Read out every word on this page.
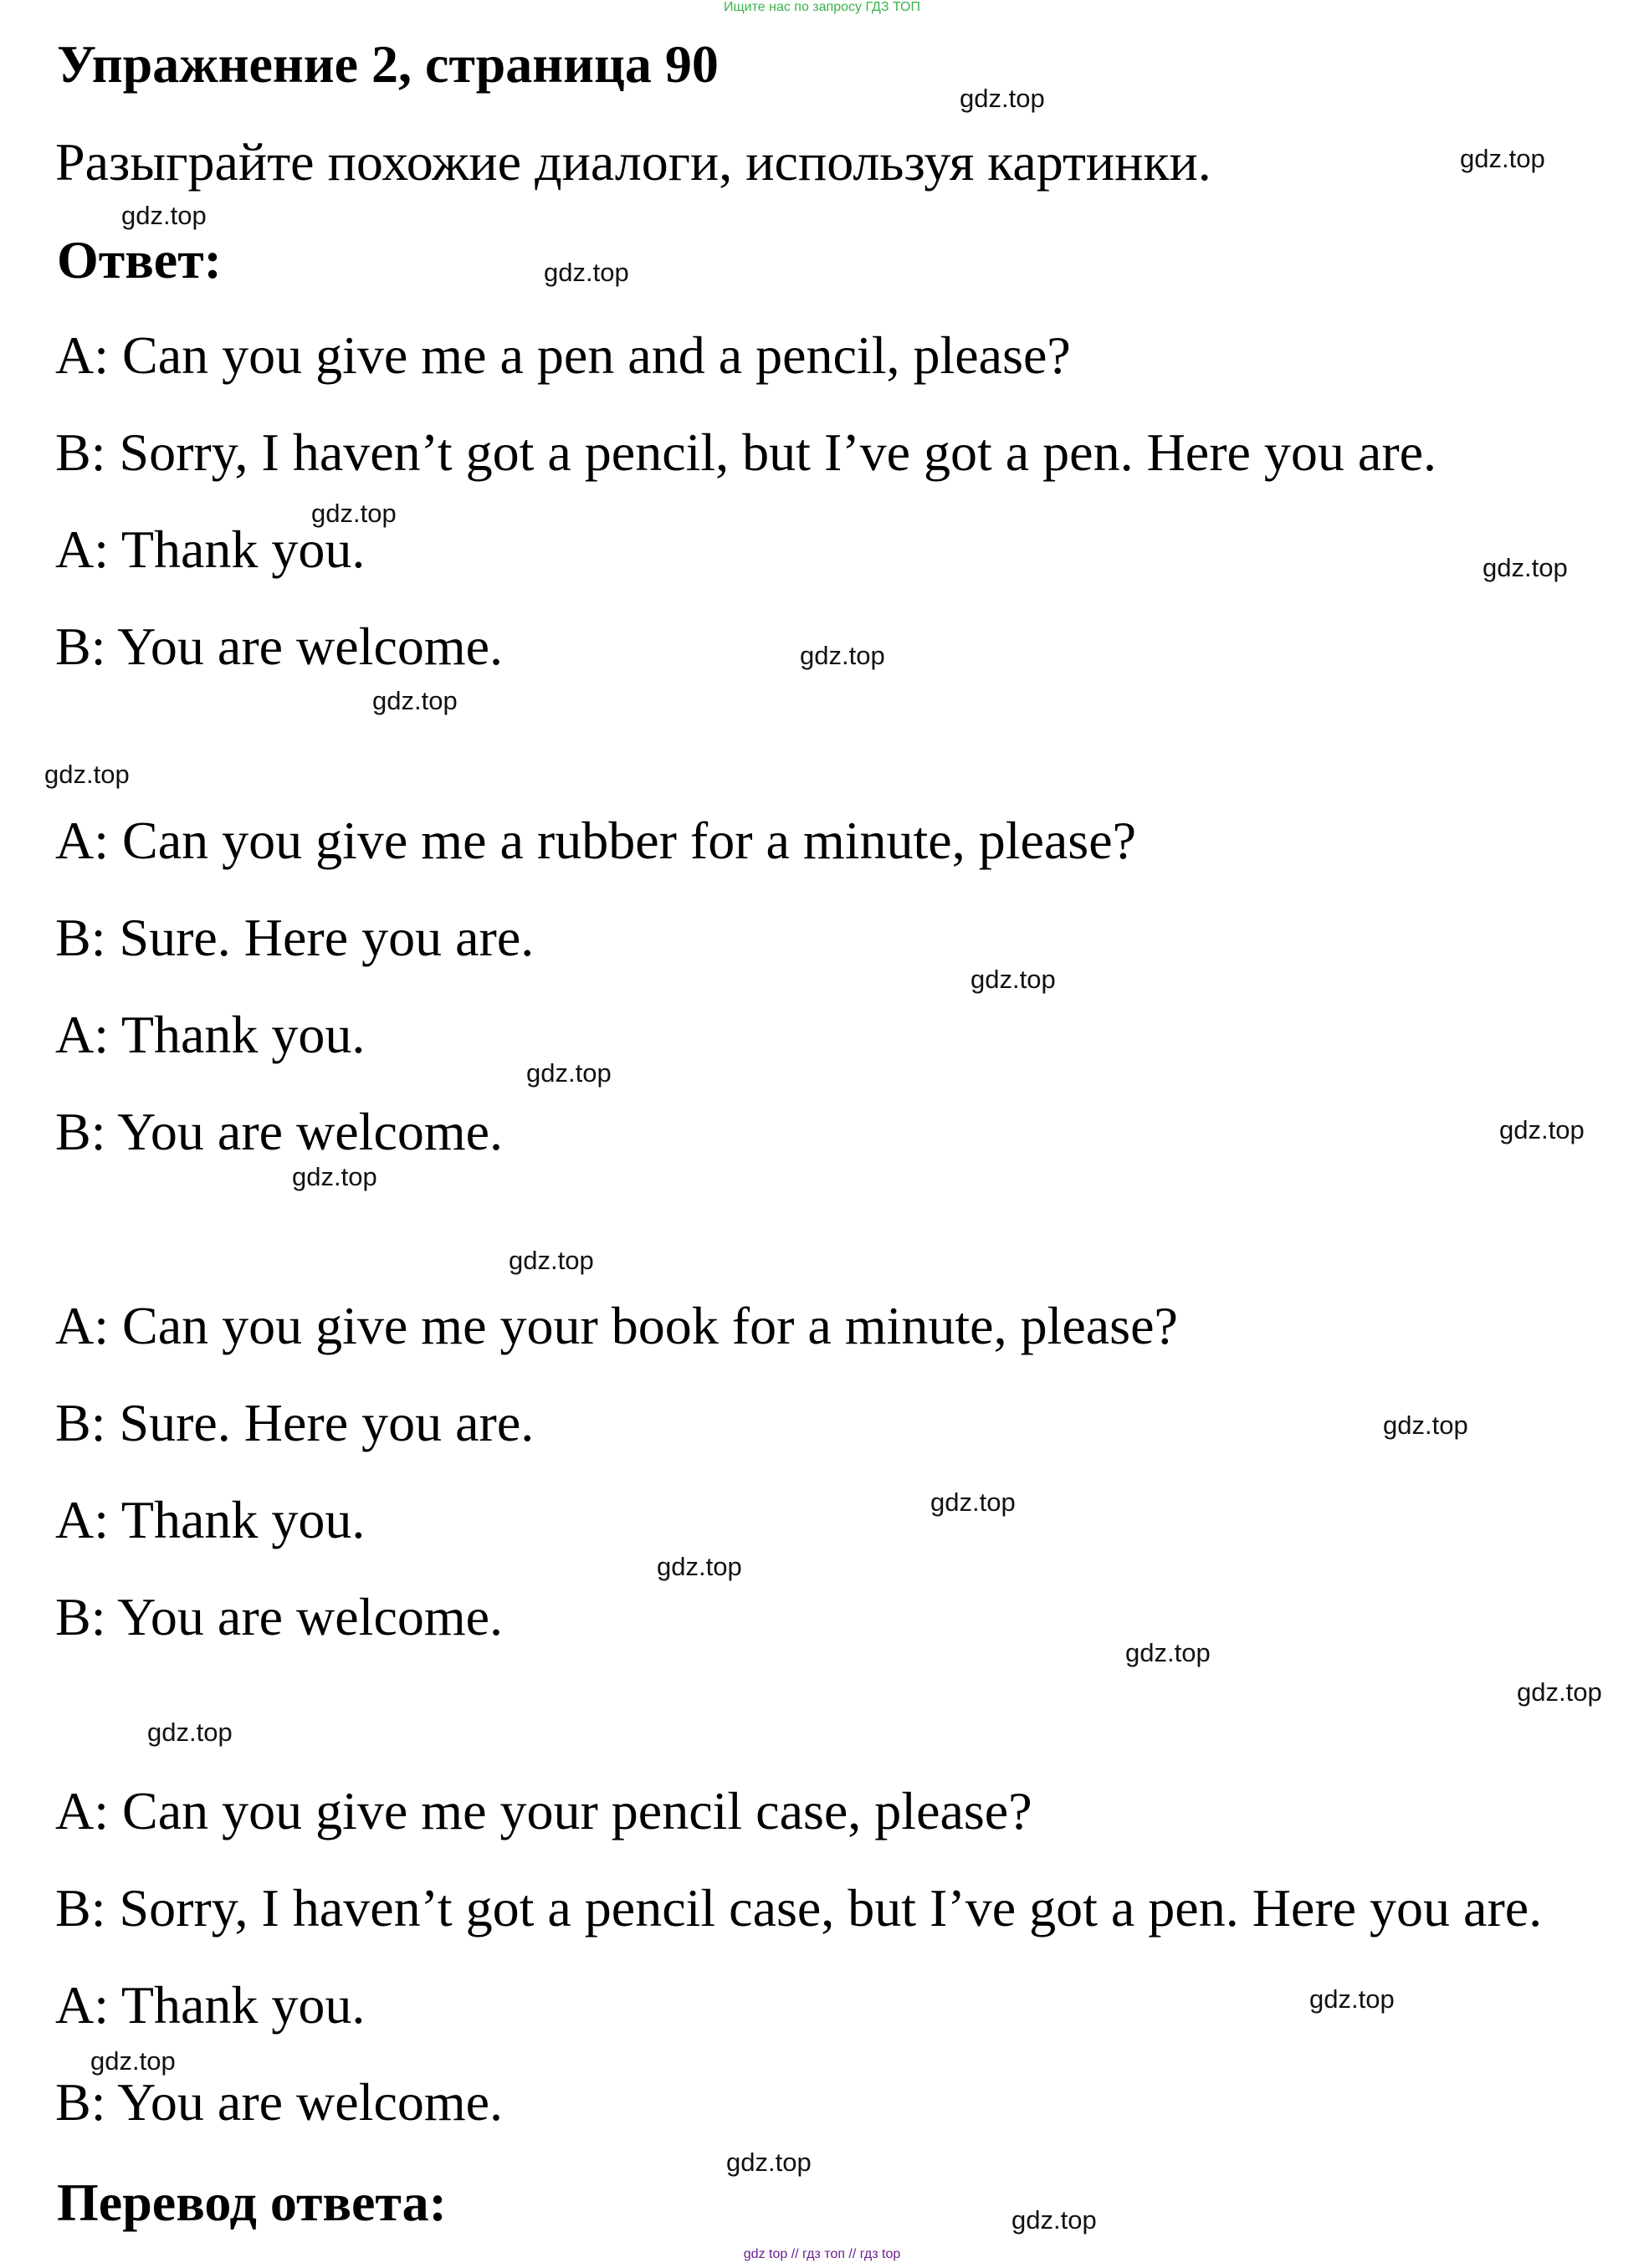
Ищите нас по запросу ГДЗ ТОП
Упражнение 2, страница 90
Разыграйте похожие диалоги, используя картинки.
Ответ:
A: Can you give me a pen and a pencil, please?
B: Sorry, I haven’t got a pencil, but I’ve got a pen. Here you are.
A: Thank you.
B: You are welcome.
A: Can you give me a rubber for a minute, please?
B: Sure. Here you are.
A: Thank you.
B: You are welcome.
A: Can you give me your book for a minute, please?
B: Sure. Here you are.
A: Thank you.
B: You are welcome.
A: Can you give me your pencil case, please?
B: Sorry, I haven’t got a pencil case, but I’ve got a pen. Here you are.
A: Thank you.
B: You are welcome.
Перевод ответа:
gdz.top
gdz.top
gdz.top
gdz.top
gdz.top
gdz.top
gdz.top
gdz.top
gdz.top
gdz.top
gdz.top
gdz.top
gdz.top
gdz.top
gdz.top
gdz.top
gdz.top
gdz.top
gdz.top
gdz.top
gdz.top
gdz.top
gdz.top
gdz.top
gdz top // гдз топ // гдз top
